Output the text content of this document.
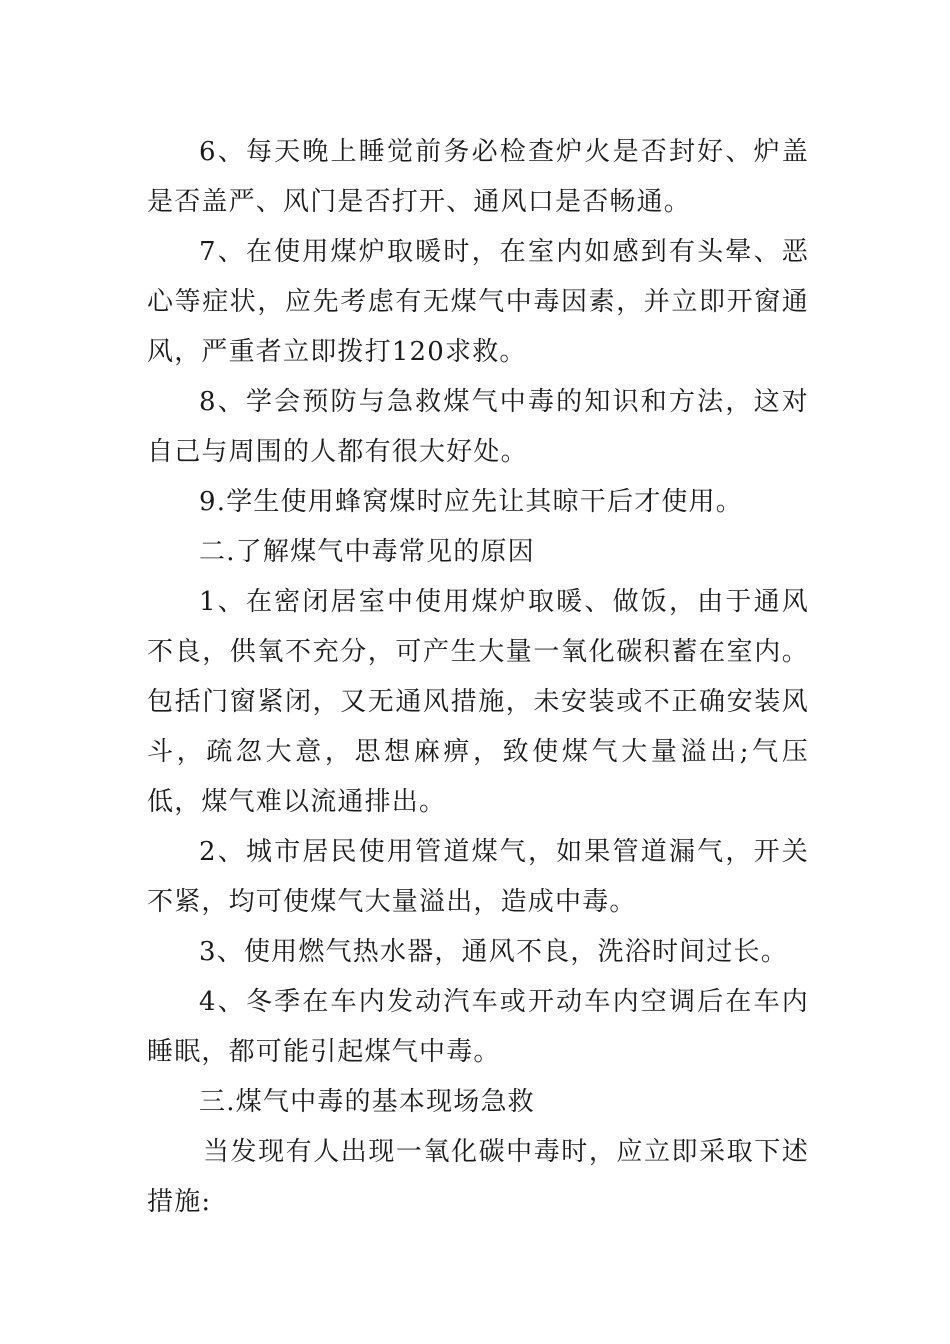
6、每天晚上睡觉前务必检查炉火是否封好、炉盖是否盖严、风门是否打开、通风口是否畅通。

7、在使用煤炉取暖时，在室内如感到有头晕、恶心等症状，应先考虑有无煤气中毒因素，并立即开窗通风，严重者立即拨打120求救。

8、学会预防与急救煤气中毒的知识和方法，这对自己与周围的人都有很大好处。

9.学生使用蜂窝煤时应先让其晾干后才使用。

二.了解煤气中毒常见的原因

1、在密闭居室中使用煤炉取暖、做饭，由于通风不良，供氧不充分，可产生大量一氧化碳积蓄在室内。包括门窗紧闭，又无通风措施，未安装或不正确安装风斗，疏忽大意，思想麻痹，致使煤气大量溢出;气压低，煤气难以流通排出。

2、城市居民使用管道煤气，如果管道漏气，开关不紧，均可使煤气大量溢出，造成中毒。

3、使用燃气热水器，通风不良，洗浴时间过长。

4、冬季在车内发动汽车或开动车内空调后在车内睡眠，都可能引起煤气中毒。

三.煤气中毒的基本现场急救

当发现有人出现一氧化碳中毒时，应立即采取下述措施:
